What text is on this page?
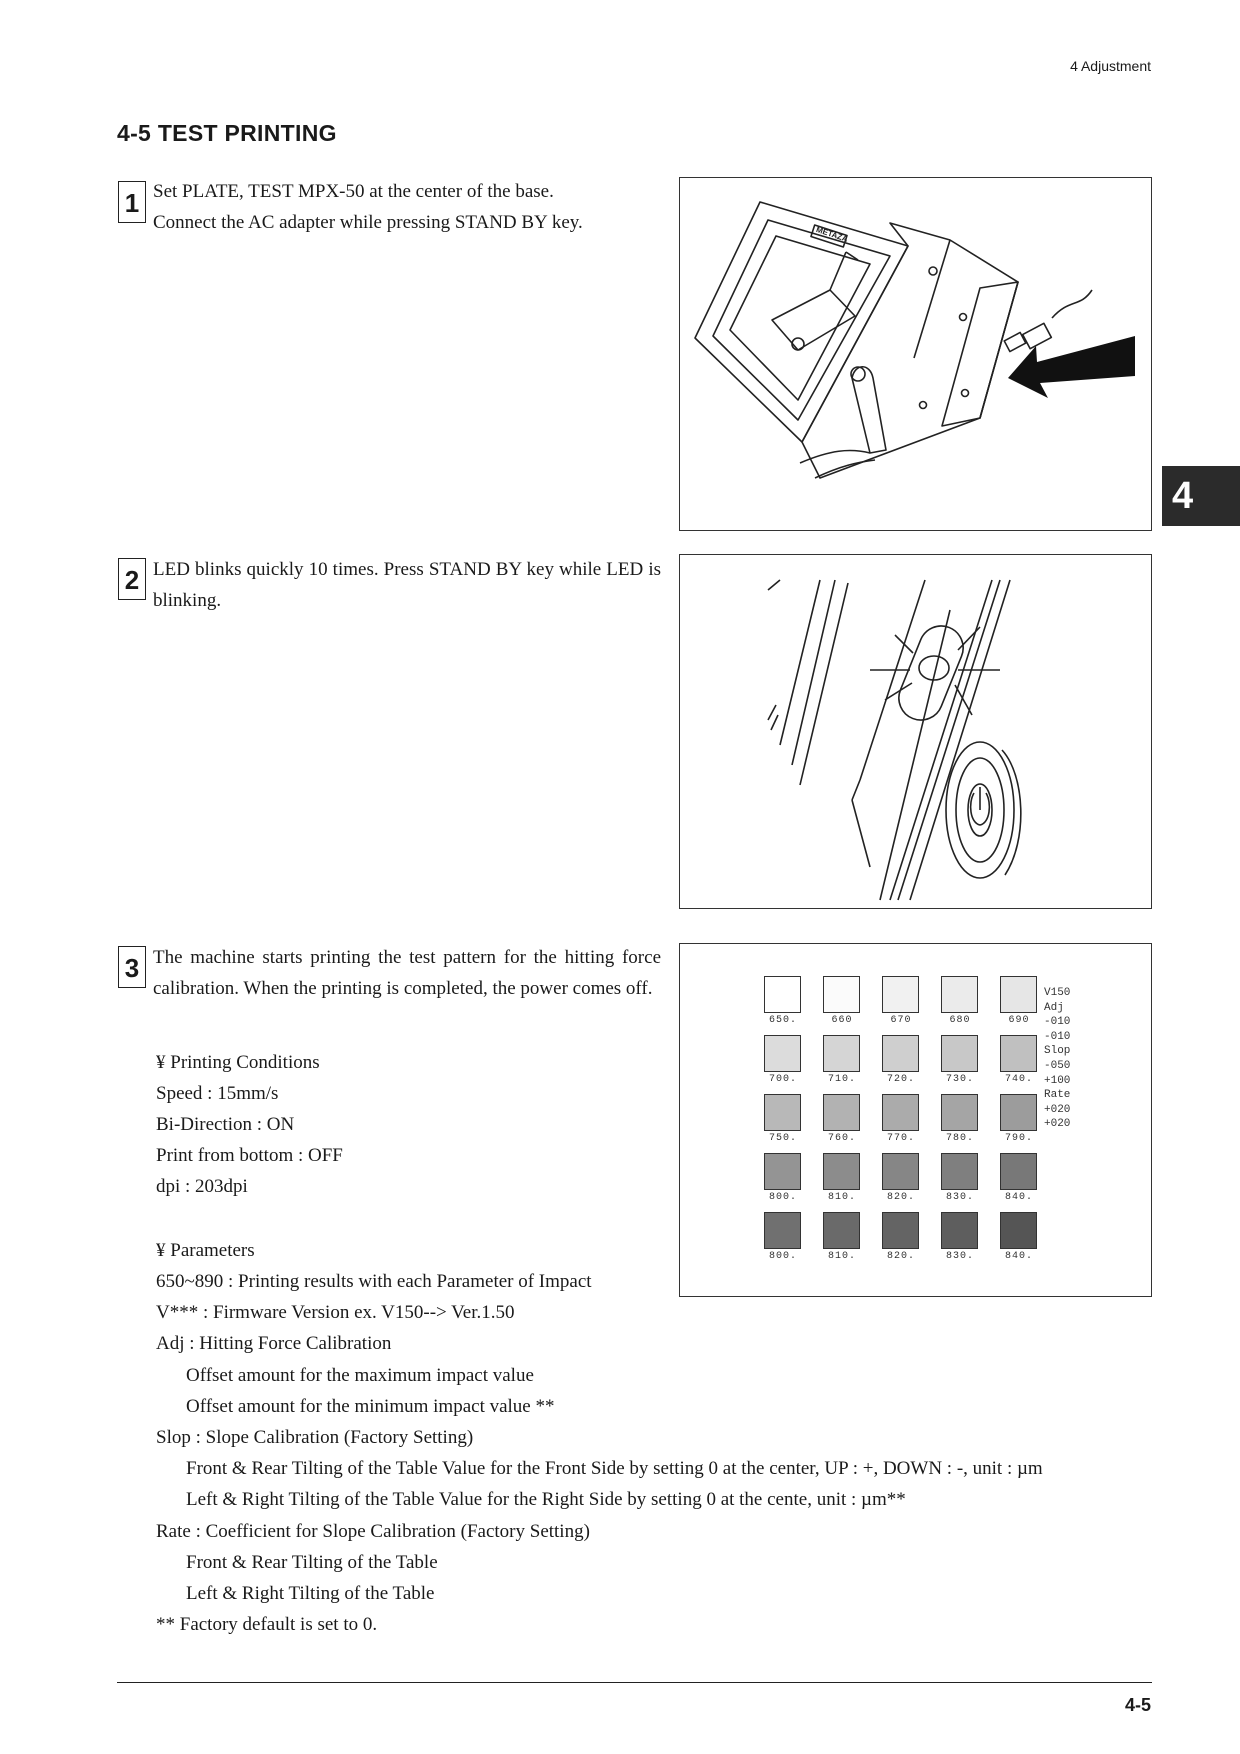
4 Adjustment
4-5 TEST PRINTING
4
1 Set PLATE, TEST MPX-50 at the center of the base.
Connect the AC adapter while pressing STAND BY key.
METAZA
2 LED blinks quickly 10 times. Press STAND BY key while LED is blinking.
3 The machine starts printing the test pattern for the hitting force calibration. When the printing is completed, the power comes off.
¥ Printing Conditions
Speed : 15mm/s
Bi-Direction : ON
Print from bottom : OFF
dpi : 203dpi
¥ Parameters
650~890 : Printing results with each Parameter of Impact
V*** : Firmware Version ex. V150--> Ver.1.50
Adj : Hitting Force Calibration
Offset amount for the maximum impact value
Offset amount for the minimum impact value **
Slop : Slope Calibration (Factory Setting)
Front & Rear Tilting of the Table Value for the Front Side by setting 0 at the center, UP : +, DOWN : -, unit : µm
Left & Right Tilting of the Table Value for the Right Side by setting 0 at the cente, unit : µm**
Rate : Coefficient for Slope Calibration (Factory Setting)
Front & Rear Tilting of the Table
Left & Right Tilting of the Table
** Factory default is set to 0.
650.	660	670	680	690
700.	710.	720.	730.	740.
750.	760.	770.	780.	790.
800.	810.	820.	830.	840.
800.	810.	820.	830.	840.
V150
Adj
-010
-010
Slop
-050
+100
Rate
+020
+020
4-5
